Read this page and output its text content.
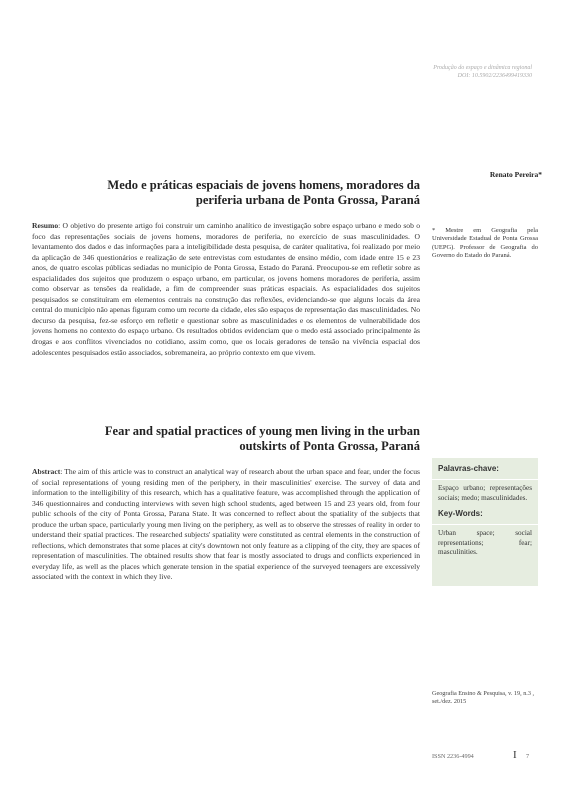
Produção do espaço e dinâmica regional
DOI: 10.5902/2236499419330
Renato Pereira*
Medo e práticas espaciais de jovens homens, moradores da periferia urbana de Ponta Grossa, Paraná
Resumo: O objetivo do presente artigo foi construir um caminho analítico de investigação sobre espaço urbano e medo sob o foco das representações sociais de jovens homens, moradores de periferia, no exercício de suas masculinidades. O levantamento dos dados e das informações para a inteligibilidade desta pesquisa, de caráter qualitativa, foi realizado por meio da aplicação de 346 questionários e realização de sete entrevistas com estudantes de ensino médio, com idade entre 15 e 23 anos, de quatro escolas públicas sediadas no município de Ponta Grossa, Estado do Paraná. Preocupou-se em refletir sobre as espacialidades dos sujeitos que produzem o espaço urbano, em particular, os jovens homens moradores de periferia, assim como observar as tensões da realidade, a fim de compreender suas práticas espaciais. As espacialidades dos sujeitos pesquisados se constituíram em elementos centrais na construção das reflexões, evidenciando-se que alguns locais da área central do município não apenas figuram como um recorte da cidade, eles são espaços de representação das masculinidades. No decurso da pesquisa, fez-se esforço em refletir e questionar sobre as masculinidades e os elementos de vulnerabilidade dos jovens homens no contexto do espaço urbano. Os resultados obtidos evidenciam que o medo está associado principalmente às drogas e aos conflitos vivenciados no cotidiano, assim como, que os locais geradores de tensão na vivência espacial dos adolescentes pesquisados estão associados, sobremaneira, ao próprio contexto em que vivem.
* Mestre em Geografia pela Universidade Estadual de Ponta Grossa (UEPG). Professor de Geografia do Governo do Estado do Paraná.
Fear and spatial practices of young men living in the urban outskirts of Ponta Grossa, Paraná
Abstract: The aim of this article was to construct an analytical way of research about the urban space and fear, under the focus of social representations of young residing men of the periphery, in their masculinities' exercise. The survey of data and information to the intelligibility of this research, which has a qualitative feature, was accomplished through the application of 346 questionnaires and conducting interviews with seven high school students, aged between 15 and 23 years old, from four public schools of the city of Ponta Grossa, Parana State. It was concerned to reflect about the spatiality of the subjects that produce the urban space, particularly young men living on the periphery, as well as to observe the stresses of reality in order to understand their spatial practices. The researched subjects' spatiality were constituted as central elements in the construction of reflections, which demonstrates that some places at city's downtown not only feature as a clipping of the city, they are spaces of representation of masculinities. The obtained results show that fear is mostly associated to drugs and conflicts experienced in everyday life, as well as the places which generate tension in the spatial experience of the surveyed teenagers are excessively associated with the context in which they live.
Palavras-chave:
Espaço urbano; representações sociais; medo; masculinidades.
Key-Words:
Urban space; social representations; fear; masculinities.
Geografia Ensino & Pesquisa, v. 19, n.3 , set./dez. 2015
ISSN 2236-4994	I 7
